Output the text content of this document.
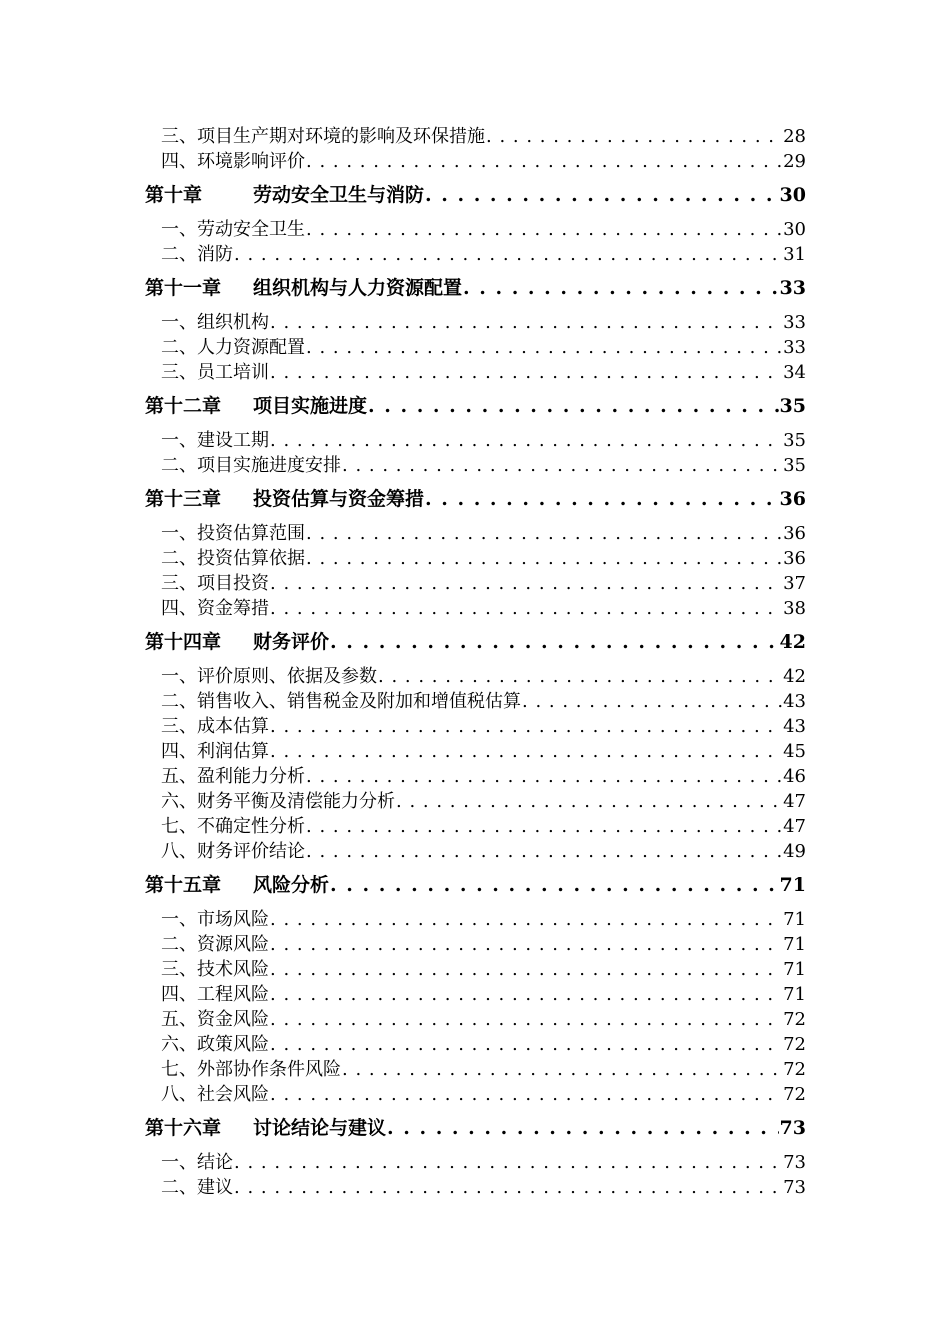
三、项目生产期对环境的影响及环保措施 . . .	28
四、环境影响评价 . . .	29
第十章	劳动安全卫生与消防 . . .	30
一、劳动安全卫生 . . .	30
二、消防 . . .	31
第十一章 组织机构与人力资源配置 . . .	33
一、组织机构 . . .	33
二、人力资源配置 . . .	33
三、员工培训 . . .	34
第十二章 项目实施进度 . . .	35
一、建设工期 . . .	35
二、项目实施进度安排 . . .	35
第十三章 投资估算与资金筹措 . . .	36
一、投资估算范围 . . .	36
二、投资估算依据 . . .	36
三、项目投资 . . .	37
四、资金筹措 . . .	38
第十四章 财务评价 . . .	42
一、评价原则、依据及参数 . . .	42
二、销售收入、销售税金及附加和增值税估算 . . .	43
三、成本估算 . . .	43
四、利润估算 . . .	45
五、盈利能力分析 . . .	46
六、财务平衡及清偿能力分析 . . .	47
七、不确定性分析 . . .	47
八、财务评价结论 . . .	49
第十五章 风险分析 . . .	71
一、市场风险 . . .	71
二、资源风险 . . .	71
三、技术风险 . . .	71
四、工程风险 . . .	71
五、资金风险 . . .	72
六、政策风险 . . .	72
七、外部协作条件风险 . . .	72
八、社会风险 . . .	72
第十六章 讨论结论与建议 . . .	73
一、结论 . . .	73
二、建议 . . .	73
